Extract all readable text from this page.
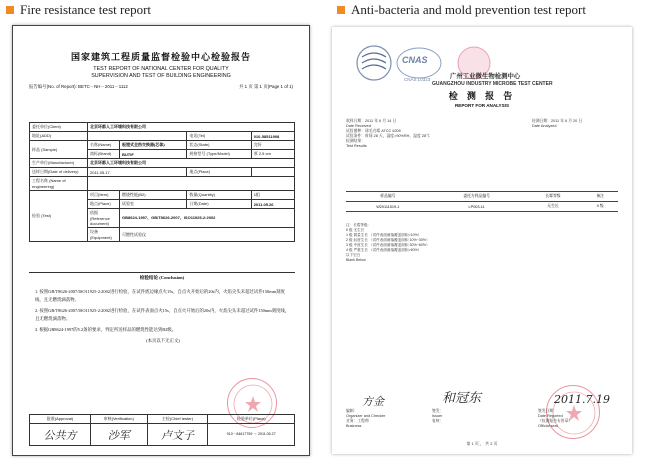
Fire resistance test report	Anti-bacteria and mold prevention test report
国家建筑工程质量监督检验中心检验报告
TEST REPORT OF NATIONAL CENTER FOR QUALITY
SUPERVISION AND TEST OF BUILDING ENGINEERING
报告编号(No. of Report): BETC－NH－2011－1112	共 1 页 第 1 页(Page 1 of 1)
委托单位(Client)	北京环都人工环境科技有限公司			
地址(ADD)			电话(Tel)	010-58511908
样品 (Sample)	名称(Name)	板翅式全热交换器(芯体)	状态(State)	完好
	商标(Brand)	BUTIF	规格型号 (Type/Model)	厚 2.5 cm
生产单位(Manufacturer)	北京环都人工环境科技有限公司			
送样日期(Date of delivery)	2011.05.17.		地点(Place)	
工程名称 (Name of engineering)				
检验 (Test)	项目(Item)	燃烧性能(B2)	数量(Quantity)	1组
	地点(Place)	试验室	日期(Date)	2011.05.26
	依据(Reference document)	GB8624-1997、GB/T8626-2007、ISO11925-2:2002		
	设备 (Equipment)	可燃性试验仪		
检验结论 (Conclusion)

1. 按照GB/T8626-2007/ISO11925-2:2002进行检验，在试件底边缘点火15s，自点火开始后的20s内，火焰尖头未超过试件150mm刻度线，且无燃烧滴落物。

2. 按照GB/T8626-2007/ISO11925-2:2002进行检验，在试件表面点火15s，自点火开始后的20s内，火焰尖头未超过试件150mm刻度线，且无燃烧滴落物。

3. 根据GB8624-1997的5.2条的要求，判定所送样品的燃烧性能达到B2级。

(本页以下无正文)
批准(Approval)	审核(Verification)	主检(Chief tester)	检验单位(Place)
公共方	沙军	卢文子	010－84617759 ～ 2011.05.27
CNAS
CNAS L0323	广州工业微生物检测中心
GUANGZHOU INDUSTRY MICROBE TEST CENTER
检 测 报 告
REPORT FOR ANALYSIS
收样日期：2011 年 6 月 14 日
Date Received
试验菌种：球毛壳霉 ATCC 6205
试验条件：时间 28 天，湿度>90%RH，温度 28℃
检测结果：
Test Results
检测日期：2011 年 6 月 20 日
Date Analyzed
样品编号	委托方样品编号	长霉等级	备注
W20111519-1	LP003-11	无生长	0 级
注：长霉等级：
0 级 无生长
1 级 微量生长 （试件表面菌落覆盖面积<10%）
2 级 轻度生长 （试件表面菌落覆盖面积 10%~30%）
3 级 中度生长 （试件表面菌落覆盖面积 30%~60%）
4 级 严重生长 （试件表面菌落覆盖面积>60%）
以下空白
Blank Below
方金	和冠东	2011.7.19
编制：
Organizer and Checker
业务：工程师
Business
签发：
Issuer
复核：
签发日期：
Date Reported
（检测报告专用章）
Official seal
第 1 页 ， 共 2 页
